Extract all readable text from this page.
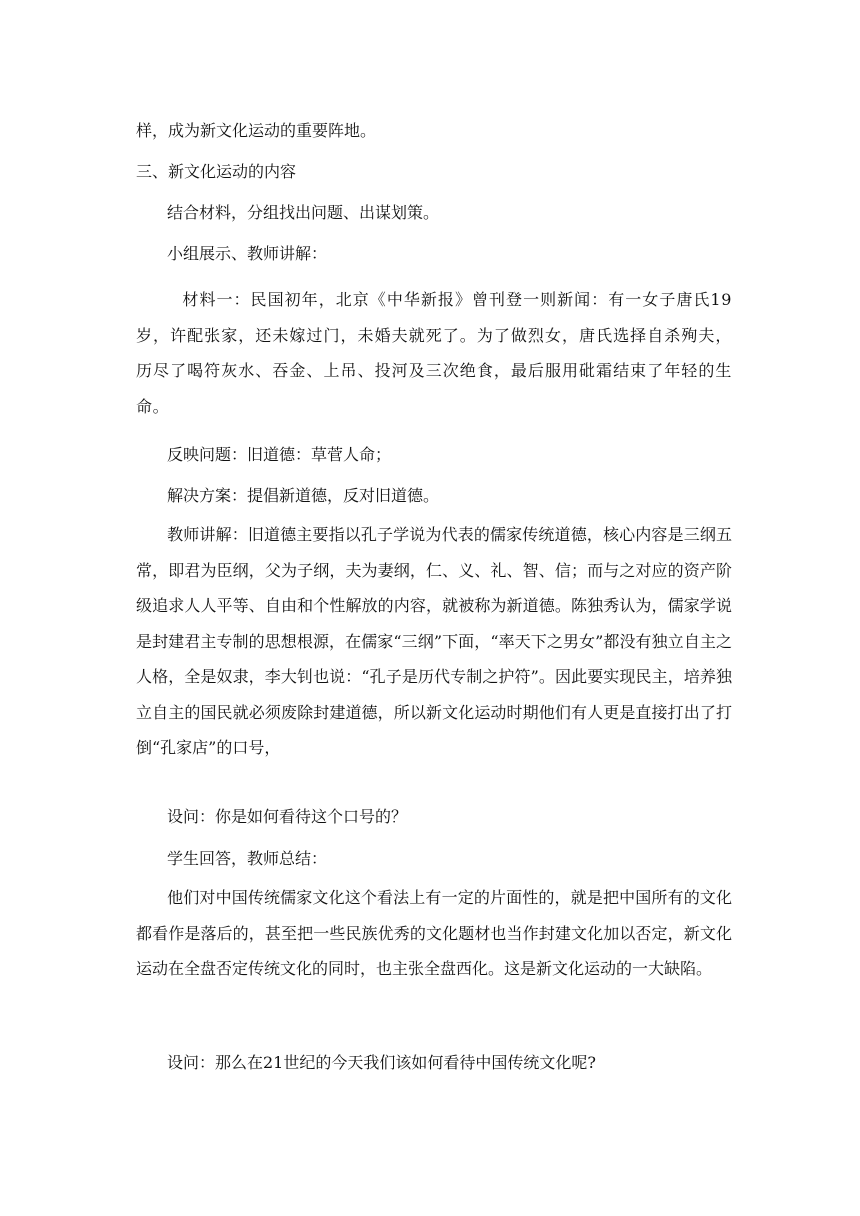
样，成为新文化运动的重要阵地。
三、新文化运动的内容
结合材料，分组找出问题、出谋划策。
小组展示、教师讲解：
材料一：民国初年，北京《中华新报》曾刊登一则新闻：有一女子唐氏19岁，许配张家，还未嫁过门，未婚夫就死了。为了做烈女，唐氏选择自杀殉夫，历尽了喝符灰水、吞金、上吊、投河及三次绝食，最后服用砒霜结束了年轻的生命。
反映问题：旧道德：草菅人命；
解决方案：提倡新道德，反对旧道德。
教师讲解：旧道德主要指以孔子学说为代表的儒家传统道德，核心内容是三纲五常，即君为臣纲，父为子纲，夫为妻纲，仁、义、礼、智、信；而与之对应的资产阶级追求人人平等、自由和个性解放的内容，就被称为新道德。陈独秀认为，儒家学说是封建君主专制的思想根源，在儒家“三纲”下面，“率天下之男女”都没有独立自主之人格，全是奴隶，李大钊也说：“孔子是历代专制之护符”。因此要实现民主，培养独立自主的国民就必须废除封建道德，所以新文化运动时期他们有人更是直接打出了打倒“孔家店”的口号，
设问：你是如何看待这个口号的？
学生回答，教师总结：
他们对中国传统儒家文化这个看法上有一定的片面性的，就是把中国所有的文化都看作是落后的，甚至把一些民族优秀的文化题材也当作封建文化加以否定，新文化运动在全盘否定传统文化的同时，也主张全盘西化。这是新文化运动的一大缺陷。
设问：那么在21世纪的今天我们该如何看待中国传统文化呢?
